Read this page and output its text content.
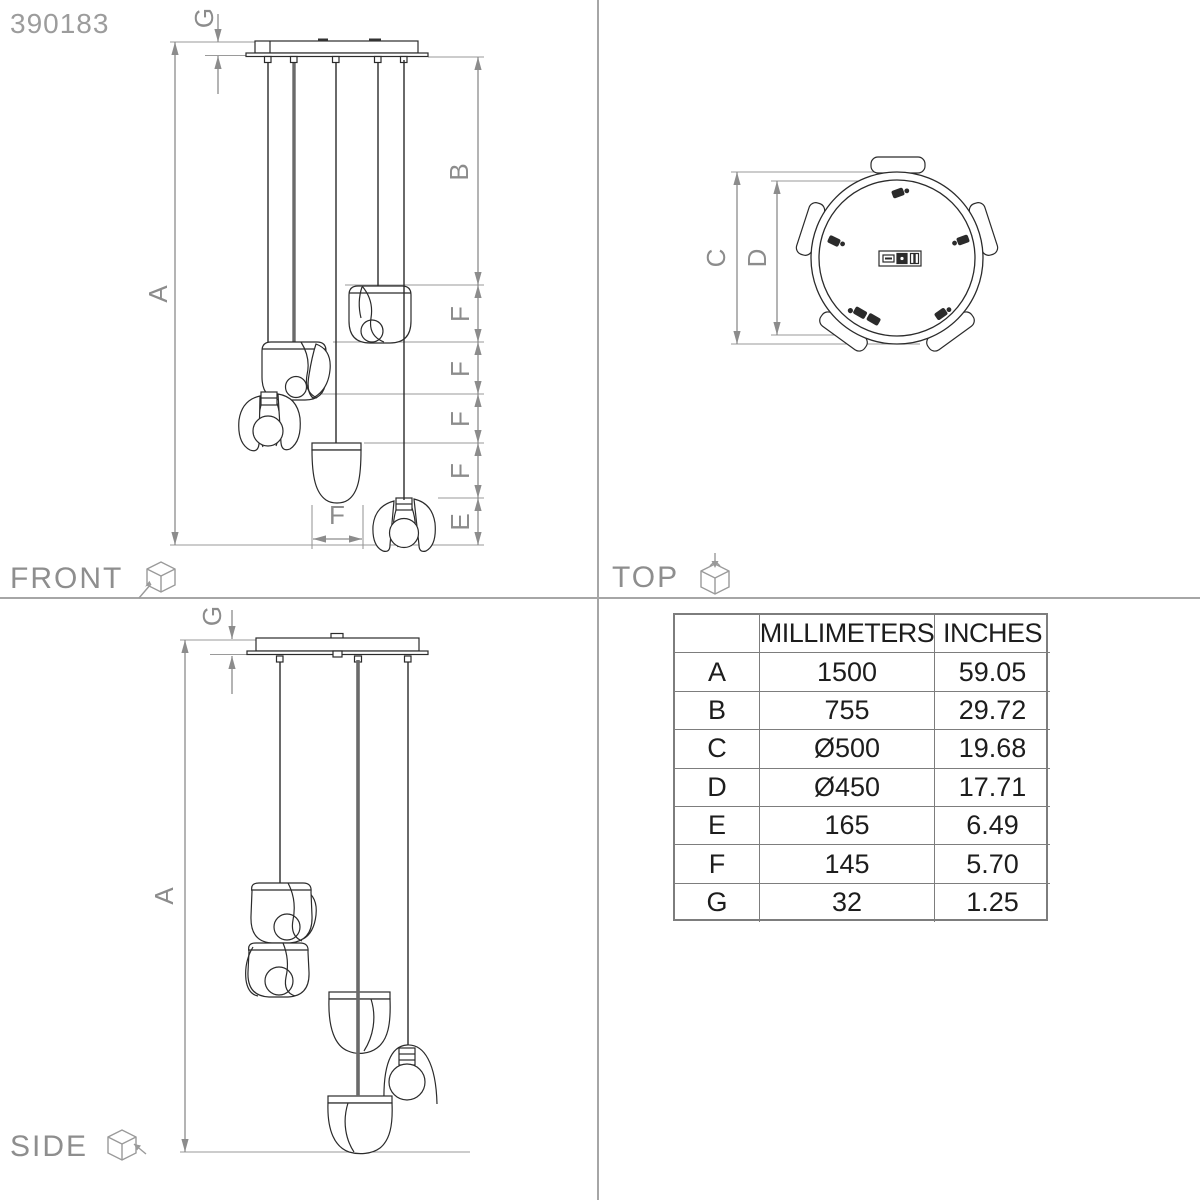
390183
A
G
B
F
F
F
F
E
F
C D
A
G
FRONT	TOP
SIDE
MILLIMETERS INCHES
A	1500	59.05
B	755	29.72
C	Ø500	19.68
D	Ø450	17.71
E	165	6.49
F	145	5.70
G	32	1.25
